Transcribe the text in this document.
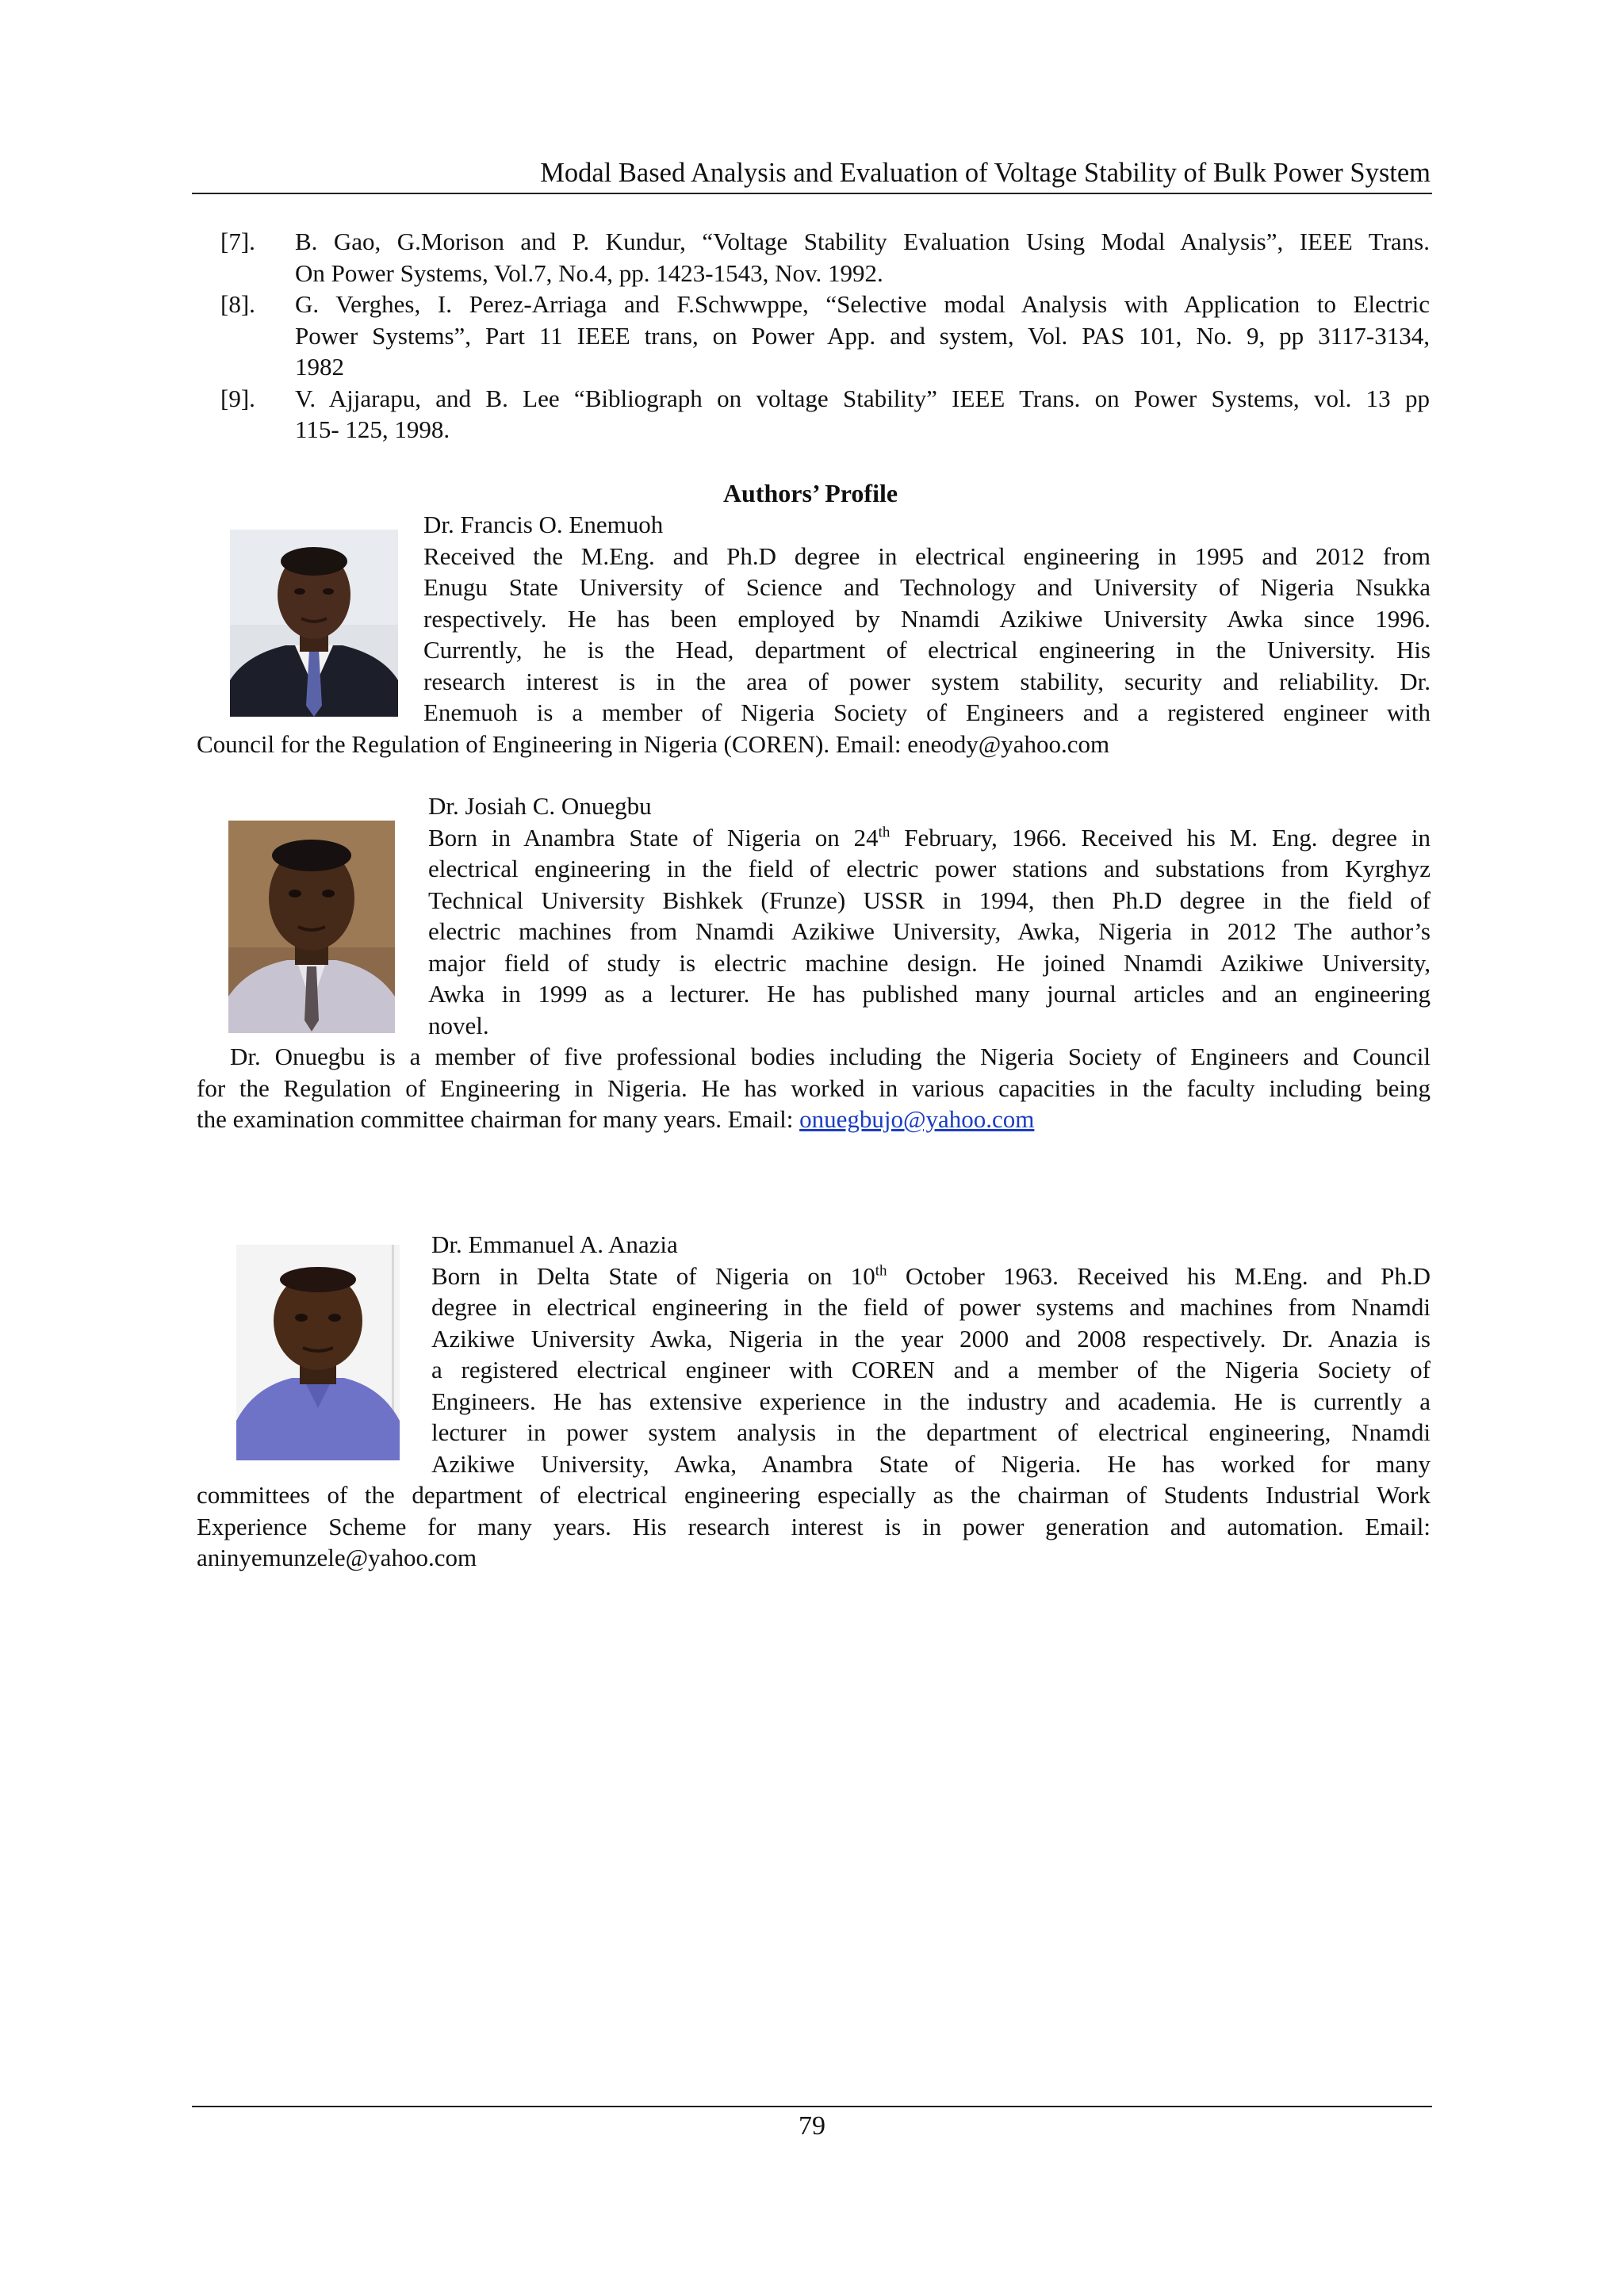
Modal Based Analysis and Evaluation of Voltage Stability of Bulk Power System
[7].	B. Gao, G.Morison and P. Kundur, “Voltage Stability Evaluation Using Modal Analysis”, IEEE Trans.
On Power Systems, Vol.7, No.4, pp. 1423-1543, Nov. 1992.
[8].	G. Verghes, I. Perez-Arriaga and F.Schwwppe, “Selective modal Analysis with Application to Electric
Power Systems”, Part 11 IEEE trans, on Power App. and system, Vol. PAS 101, No. 9, pp 3117-3134,
1982
[9].	V. Ajjarapu, and B. Lee “Bibliograph on voltage Stability” IEEE Trans. on Power Systems, vol. 13 pp
115- 125, 1998.
Authors’ Profile

Dr. Francis O. Enemuoh

Received the M.Eng. and Ph.D degree in electrical engineering in 1995 and 2012 from

Enugu State University of Science and Technology and University of Nigeria Nsukka

respectively. He has been employed by Nnamdi Azikiwe University Awka since 1996.

Currently, he is the Head, department of electrical engineering in the University. His

research interest is in the area of power system stability, security and reliability. Dr.

Enemuoh is a member of Nigeria Society of Engineers and a registered engineer with

Council for the Regulation of Engineering in Nigeria (COREN). Email: eneody@yahoo.com

Dr. Josiah C. Onuegbu

Born in Anambra State of Nigeria on 24th February, 1966. Received his M. Eng. degree in

electrical engineering in the field of electric power stations and substations from Kyrghyz

Technical University Bishkek (Frunze) USSR in 1994, then Ph.D degree in the field of

electric machines from Nnamdi Azikiwe University, Awka, Nigeria in 2012 The author’s

major field of study is electric machine design. He joined Nnamdi Azikiwe University,

Awka in 1999 as a lecturer. He has published many journal articles and an engineering

novel.

Dr. Onuegbu is a member of five professional bodies including the Nigeria Society of Engineers and Council

for the Regulation of Engineering in Nigeria. He has worked in various capacities in the faculty including being

the examination committee chairman for many years. Email: onuegbujo@yahoo.com

Dr. Emmanuel A. Anazia

Born in Delta State of Nigeria on 10th October 1963. Received his M.Eng. and Ph.D

degree in electrical engineering in the field of power systems and machines from Nnamdi

Azikiwe University Awka, Nigeria in the year 2000 and 2008 respectively. Dr. Anazia is

a registered electrical engineer with COREN and a member of the Nigeria Society of

Engineers. He has extensive experience in the industry and academia. He is currently a

lecturer in power system analysis in the department of electrical engineering, Nnamdi

Azikiwe University, Awka, Anambra State of Nigeria. He has worked for many

committees of the department of electrical engineering especially as the chairman of Students Industrial Work

Experience Scheme for many years. His research interest is in power generation and automation. Email:

aninyemunzele@yahoo.com

79
